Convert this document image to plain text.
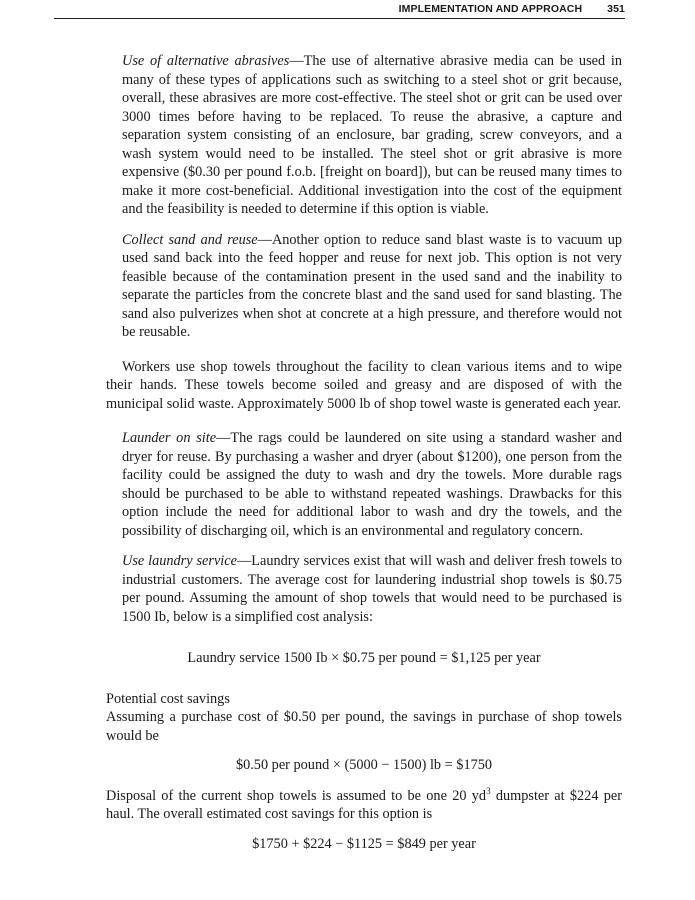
IMPLEMENTATION AND APPROACH 351

Use of alternative abrasives—The use of alternative abrasive media can be used in many of these types of applications such as switching to a steel shot or grit because, overall, these abrasives are more cost-effective. The steel shot or grit can be used over 3000 times before having to be replaced. To reuse the abrasive, a capture and separation system consisting of an enclosure, bar grading, screw conveyors, and a wash system would need to be installed. The steel shot or grit abrasive is more expensive ($0.30 per pound f.o.b. [freight on board]), but can be reused many times to make it more cost-beneficial. Additional investigation into the cost of the equipment and the feasibility is needed to determine if this option is viable.

Collect sand and reuse—Another option to reduce sand blast waste is to vacuum up used sand back into the feed hopper and reuse for next job. This option is not very feasible because of the contamination present in the used sand and the inability to separate the particles from the concrete blast and the sand used for sand blasting. The sand also pulverizes when shot at concrete at a high pressure, and therefore would not be reusable.

Workers use shop towels throughout the facility to clean various items and to wipe their hands. These towels become soiled and greasy and are disposed of with the municipal solid waste. Approximately 5000 lb of shop towel waste is generated each year.

Launder on site—The rags could be laundered on site using a standard washer and dryer for reuse. By purchasing a washer and dryer (about $1200), one person from the facility could be assigned the duty to wash and dry the towels. More durable rags should be purchased to be able to withstand repeated washings. Drawbacks for this option include the need for additional labor to wash and dry the towels, and the possibility of discharging oil, which is an environmental and regulatory concern.

Use laundry service—Laundry services exist that will wash and deliver fresh towels to industrial customers. The average cost for laundering industrial shop towels is $0.75 per pound. Assuming the amount of shop towels that would need to be purchased is 1500 Ib, below is a simplified cost analysis:

Laundry service 1500 Ib × $0.75 per pound = $1,125 per year

Potential cost savings

Assuming a purchase cost of $0.50 per pound, the savings in purchase of shop towels would be

$0.50 per pound × (5000 − 1500) lb = $1750

Disposal of the current shop towels is assumed to be one 20 $yd^3$ dumpster at $224 per haul. The overall estimated cost savings for this option is

$1750 + $224 − $1125 = $849 per year
